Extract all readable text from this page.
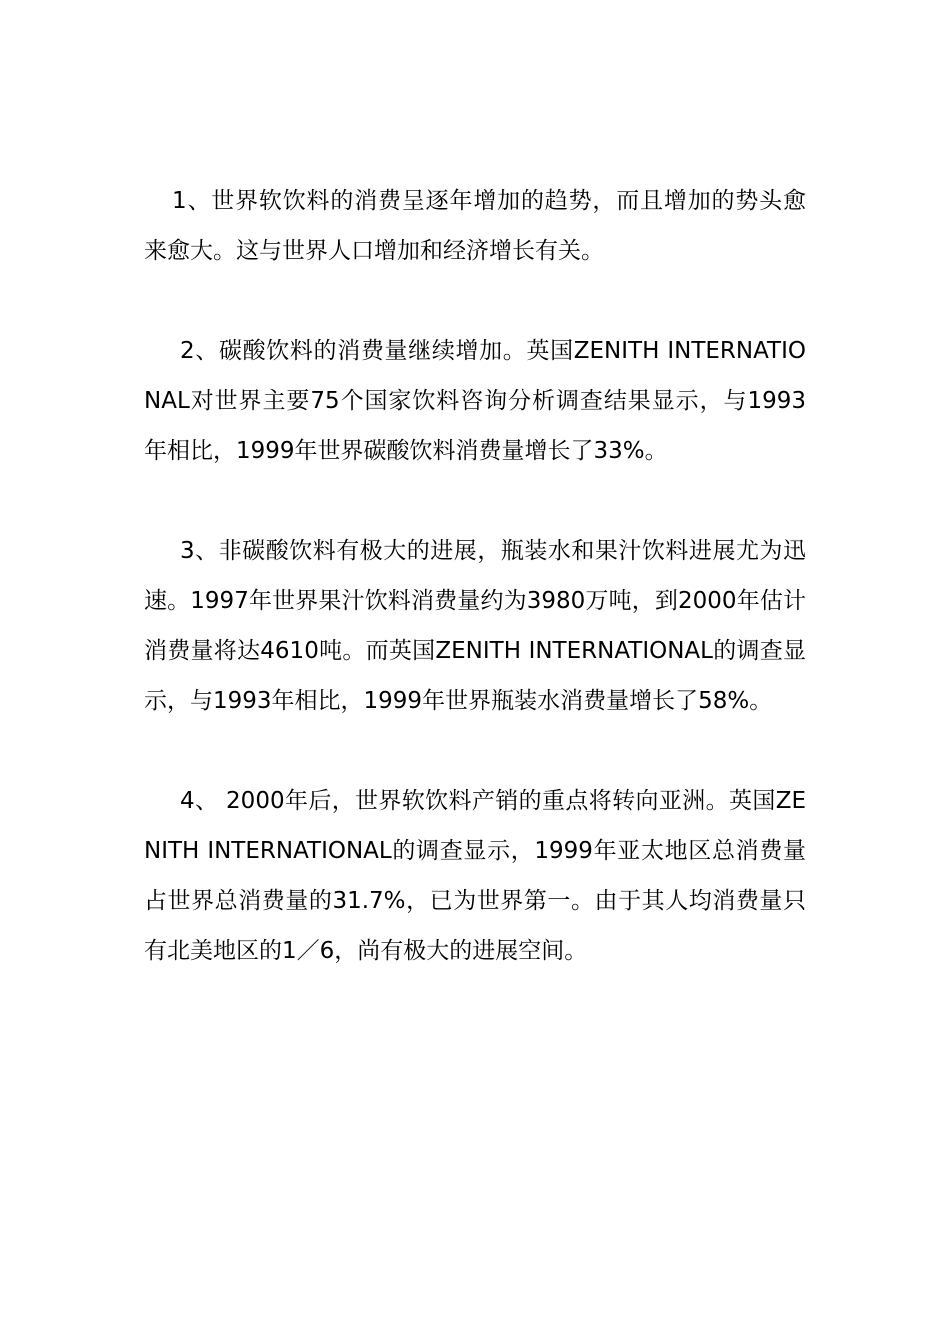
1、世界软饮料的消费呈逐年增加的趋势，而且增加的势头愈来愈大。这与世界人口增加和经济增长有关。

2、碳酸饮料的消费量继续增加。英国ZENITH INTERNATIONAL对世界主要75个国家饮料咨询分析调查结果显示，与1993年相比，1999年世界碳酸饮料消费量增长了33%。

3、非碳酸饮料有极大的进展，瓶装水和果汁饮料进展尤为迅速。1997年世界果汁饮料消费量约为3980万吨，到2000年估计消费量将达4610吨。而英国ZENITH INTERNATIONAL的调查显示，与1993年相比，1999年世界瓶装水消费量增长了58%。

4、 2000年后，世界软饮料产销的重点将转向亚洲。英国ZENITH INTERNATIONAL的调查显示，1999年亚太地区总消费量占世界总消费量的31.7%，已为世界第一。由于其人均消费量只有北美地区的1／6，尚有极大的进展空间。
